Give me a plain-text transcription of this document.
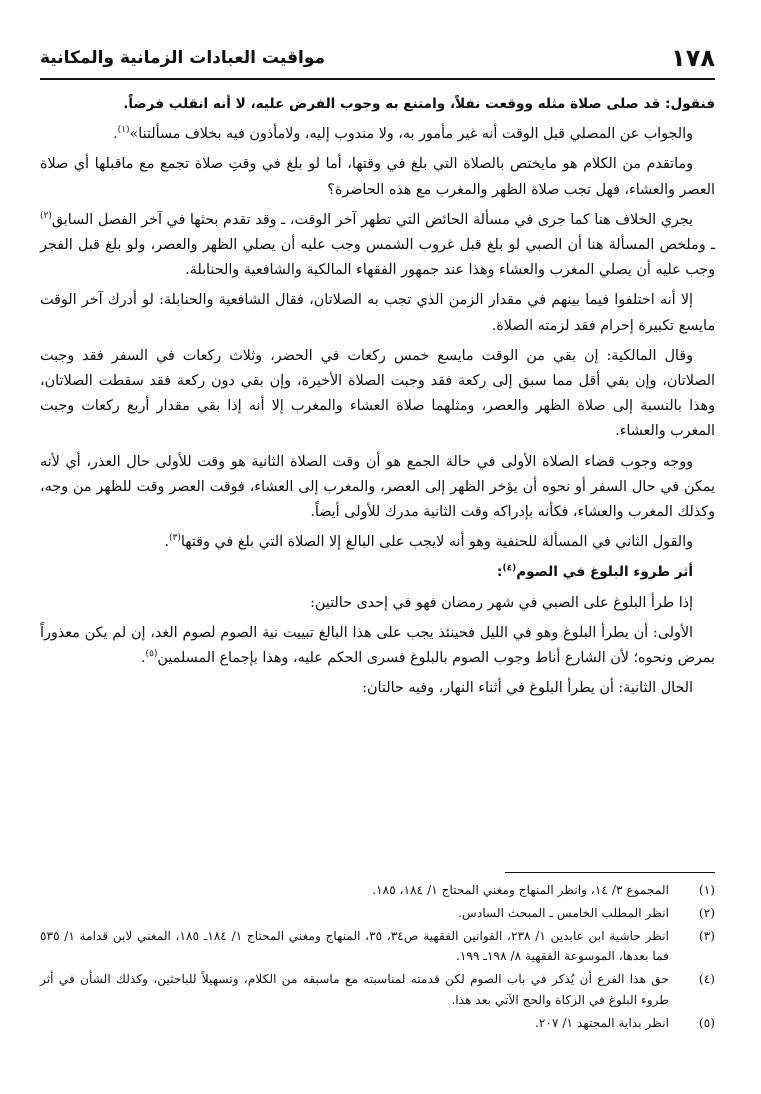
١٧٨
مواقيت العبادات الزمانية والمكانية

فنقول: قد صلى صلاة مثله ووقعت نفلاً، وامتنع به وجوب الفرض عليه، لا أنه انقلب فرضاً.

والجواب عن المصلي قبل الوقت أنه غير مأمور به، ولا مندوب إليه، ولامأذون فيه بخلاف مسألتنا»$^{(١)}$.

وماتقدم من الكلام هو مايختص بالصلاة التي بلغ في وقتها، أما لو بلغ في وقتِ صلاة تجمع مع ماقبلها أي صلاة العصر والعشاء، فهل تجب صلاة الظهر والمغرب مع هذه الحاضرة؟

يجري الخلاف هنا كما جرى في مسألة الحائض التي تطهر آخر الوقت، ـ وقد تقدم بحثها في آخر الفصل السابق$^{(٢)}$ ـ وملخص المسألة هنا أن الصبي لو بلغ قبل غروب الشمس وجب عليه أن يصلي الظهر والعصر، ولو بلغ قبل الفجر وجب عليه أن يصلي المغرب والعشاء وهذا عند جمهور الفقهاء المالكية والشافعية والحنابلة.

إلا أنه اختلفوا فيما بينهم في مقدار الزمن الذي تجب به الصلاتان، فقال الشافعية والحنابلة: لو أدرك آخر الوقت مايسع تكبيرة إحرام فقد لزمته الصلاة.

وقال المالكية: إن بقي من الوقت مايسع خمس ركعات في الحضر، وثلاث ركعات في السفر فقد وجبت الصلاتان، وإن بقي أقل مما سبق إلى ركعة فقد وجبت الصلاة الأخيرة، وإن بقي دون ركعة فقد سقطت الصلاتان، وهذا بالنسبة إلى صلاة الظهر والعصر، ومثلهما صلاة العشاء والمغرب إلا أنه إذا بقي مقدار أربع ركعات وجبت المغرب والعشاء.

ووجه وجوب قضاء الصلاة الأولى في حالة الجمع هو أن وقت الصلاة الثانية هو وقت للأولى حال العذر، أي لأنه يمكن في حال السفر أو نحوه أن يؤخر الظهر إلى العصر، والمغرب إلى العشاء، فوقت العصر وقت للظهر من وجه، وكذلك المغرب والعشاء، فكأنه بإدراكه وقت الثانية مدرك للأولى أيضاً.

والقول الثاني في المسألة للحنفية وهو أنه لايجب على البالغ إلا الصلاة التي بلغ في وقتها$^{(٣)}$.

أثر طروء البلوغ في الصوم$^{(٤)}$:

إذا طرأ البلوغ على الصبي في شهر رمضان فهو في إحدى حالتين:

الأولى: أن يطرأ البلوغ وهو في الليل فحينئذ يجب على هذا البالغ تبييت نية الصوم لصوم الغد، إن لم يكن معذوراً بمرض ونحوه؛ لأن الشارع أناط وجوب الصوم بالبلوغ فسرى الحكم عليه، وهذا بإجماع المسلمين$^{(٥)}$.

الحال الثانية: أن يطرأ البلوغ في أثناء النهار، وفيه حالتان:

(١)
المجموع ٣/ ١٤، وانظر المنهاج ومغني المحتاج ١/ ١٨٤، ١٨٥.
(٢)
انظر المطلب الخامس ـ المبحث السادس.
(٣)
انظر حاشية ابن عابدين ١/ ٢٣٨، القوانين الفقهية ص٣٤، ٣٥، المنهاج ومغني المحتاج ١/ ١٨٤ـ ١٨٥، المغني لابن قدامة ١/ ٥٣٥ فما بعدها، الموسوعة الفقهية ٨/ ١٩٨ـ ١٩٩.
(٤)
حق هذا الفرع أن يُذكر في باب الصوم لكن قدمته لمناسبته مع ماسبقه من الكلام، وتسهيلاً للباحثين، وكذلك الشأن في أثر طروء البلوغ في الزكاة والحج الآتي بعد هذا.
(٥)
انظر بداية المجتهد ١/ ٢٠٧.
